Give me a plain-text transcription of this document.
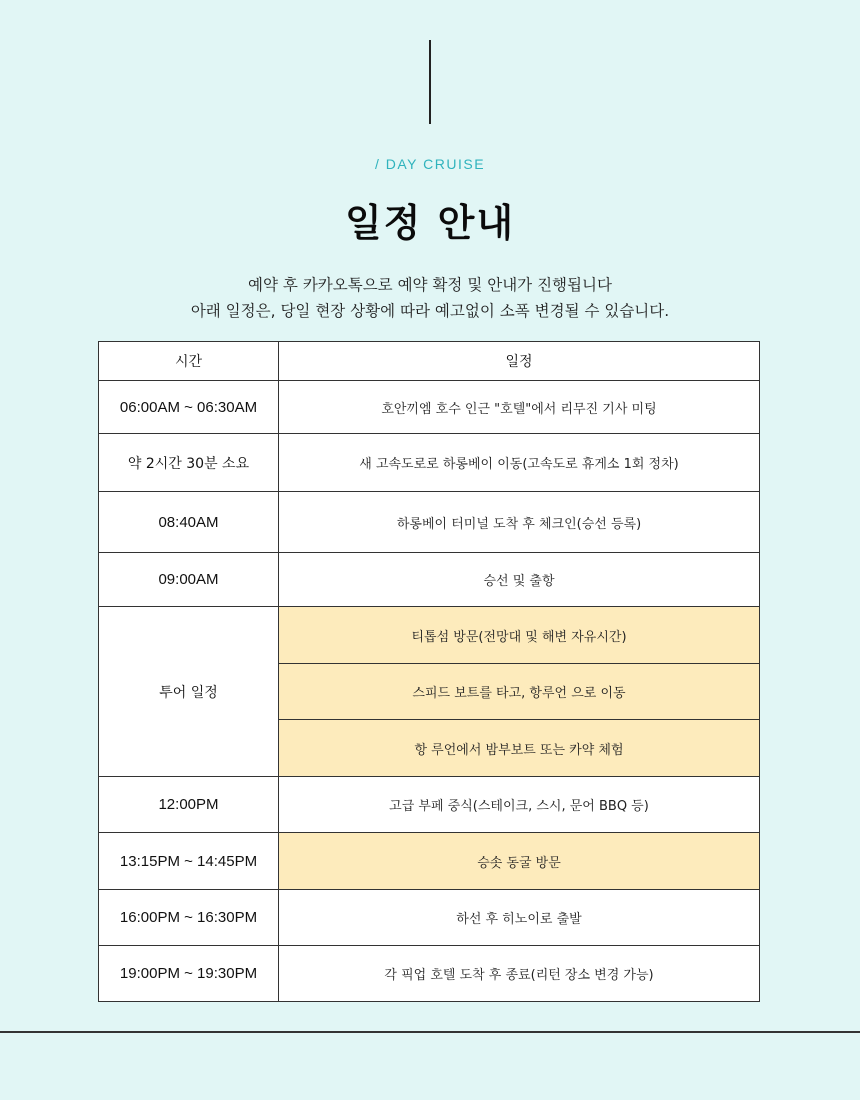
/ DAY CRUISE
일정 안내
예약 후 카카오톡으로 예약 확정 및 안내가 진행됩니다
아래 일정은, 당일 현장 상황에 따라 예고없이 소폭 변경될 수 있습니다.
시간	일정
06:00AM ~ 06:30AM	호안끼엠 호수 인근 "호텔"에서 리무진 기사 미팅
약 2시간 30분 소요	새 고속도로로 하롱베이 이동(고속도로 휴게소 1회 정차)
08:40AM	하롱베이 터미널 도착 후 체크인(승선 등록)
09:00AM	승선 및 출항
투어 일정	티톱섬 방문(전망대 및 해변 자유시간)
	스피드 보트를 타고, 항루언 으로 이동
	항 루언에서 밤부보트 또는 카약 체험
12:00PM	고급 부페 중식(스테이크, 스시, 문어 BBQ 등)
13:15PM ~ 14:45PM	승솟 동굴 방문
16:00PM ~ 16:30PM	하선 후 히노이로 출발
19:00PM ~ 19:30PM	각 픽업 호텔 도착 후 종료(리턴 장소 변경 가능)
